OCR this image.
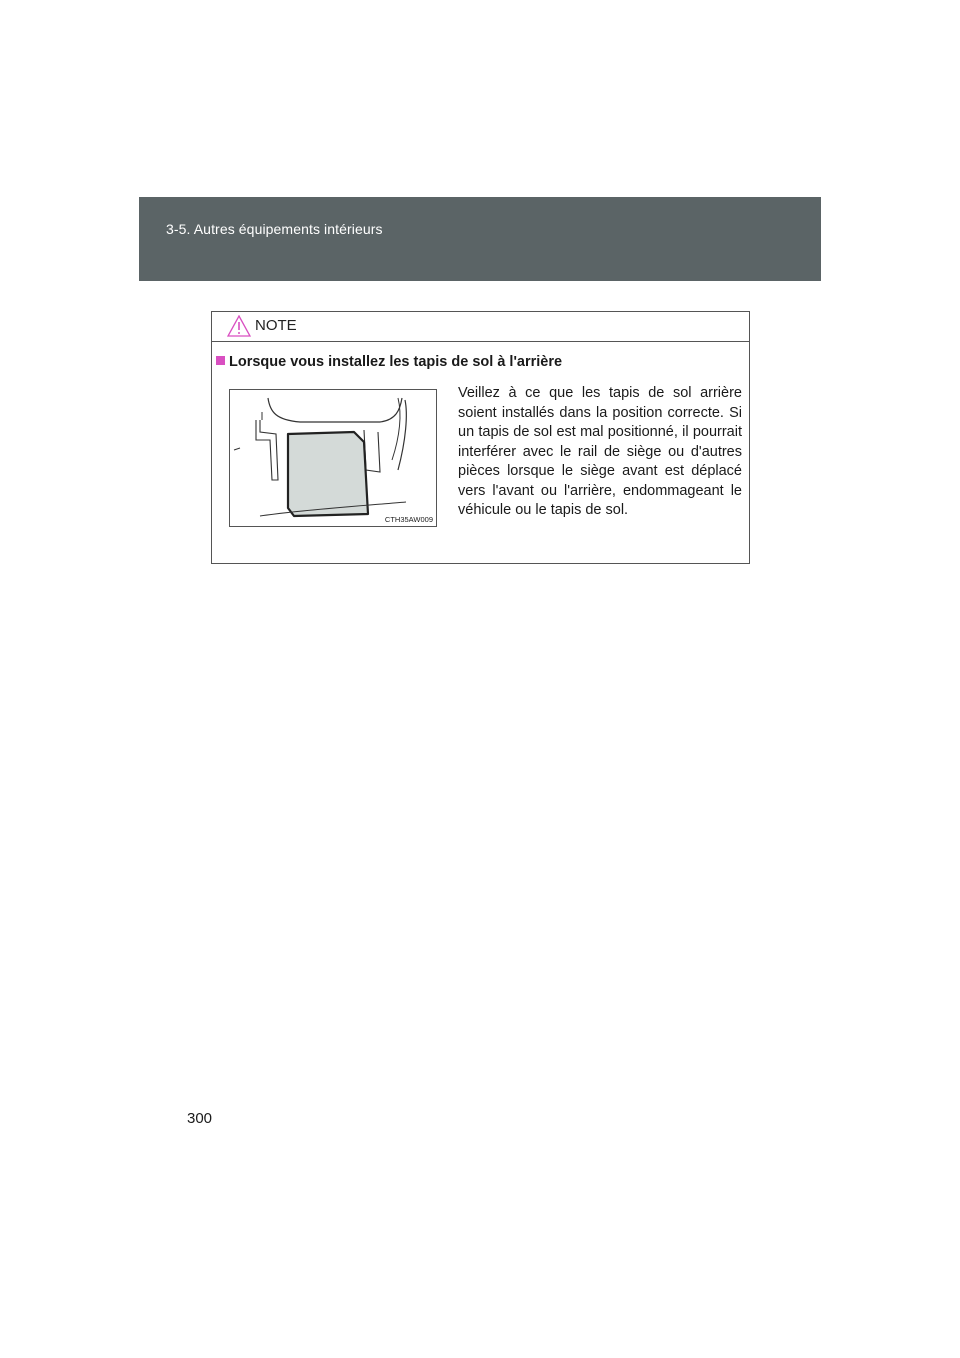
3-5. Autres équipements intérieurs
NOTE
Lorsque vous installez les tapis de sol à l'arrière
CTH35AW009
Veillez à ce que les tapis de sol arrière soient installés dans la position correcte. Si un tapis de sol est mal positionné, il pourrait interférer avec le rail de siège ou d'autres pièces lorsque le siège avant est déplacé vers l'avant ou l'arrière, endommageant le véhicule ou le tapis de sol.
300
